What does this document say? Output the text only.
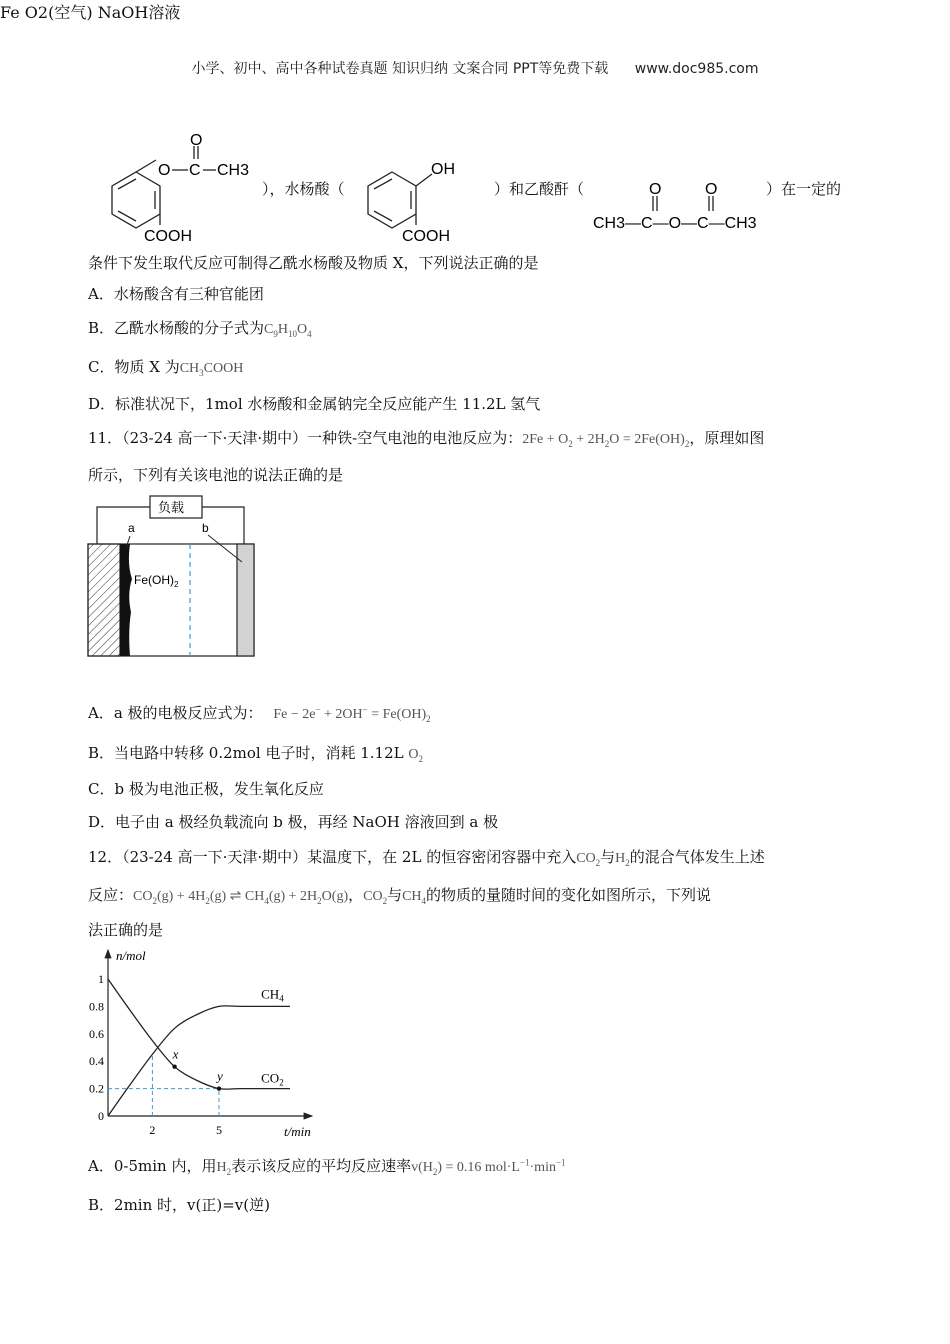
小学、初中、高中各种试卷真题 知识归纳 文案合同 PPT等免费下载 www.doc985.com
O C
O
CH3
COOH
），水杨酸（
OH
COOH
）和乙酸酐（	O	O
CH3—C—O—C—CH3
）在一定的
条件下发生取代反应可制得乙酰水杨酸及物质 X，下列说法正确的是
A．水杨酸含有三种官能团
B．乙酰水杨酸的分子式为$C_9H_{10}O_4$
C．物质 X 为$CH_3COOH$
D．标准状况下，1mol 水杨酸和金属钠完全反应能产生 11.2L 氢气
11．（23-24 高一下·天津·期中）一种铁-空气电池的电池反应为：$2Fe + O_2 + 2H_2O = 2Fe(OH)_2$，原理如图
所示，下列有关该电池的说法正确的是
负载
a	b
$Fe(OH)_2$
Fe O2(空气) NaOH溶液
A．a 极的电极反应式为： $Fe - 2e^- + 2OH^- = Fe(OH)_2$
B．当电路中转移 0.2mol 电子时，消耗 1.12L $O_2$
C．b 极为电池正极，发生氧化反应
D．电子由 a 极经负载流向 b 极，再经 NaOH 溶液回到 a 极
12．（23-24 高一下·天津·期中）某温度下，在 2L 的恒容密闭容器中充入$CO_2$与$H_2$的混合气体发生上述
反应：$CO_2(g) + 4H_2(g)$ ⇌ $CH_4(g) + 2H_2O(g)$，$CO_2$与$CH_4$的物质的量随时间的变化如图所示，下列说
法正确的是
n/mol
t/min
0
0.2
0.4
0.6
0.8
1
2	5
$CH_4$
$CO_2$
x
y
A．0-5min 内，用$H_2$表示该反应的平均反应速率$v(H_2) = 0.16$ $mol\cdot L^{-1}\cdot\min^{-1}$
B．2min 时，v(正)=v(逆)
